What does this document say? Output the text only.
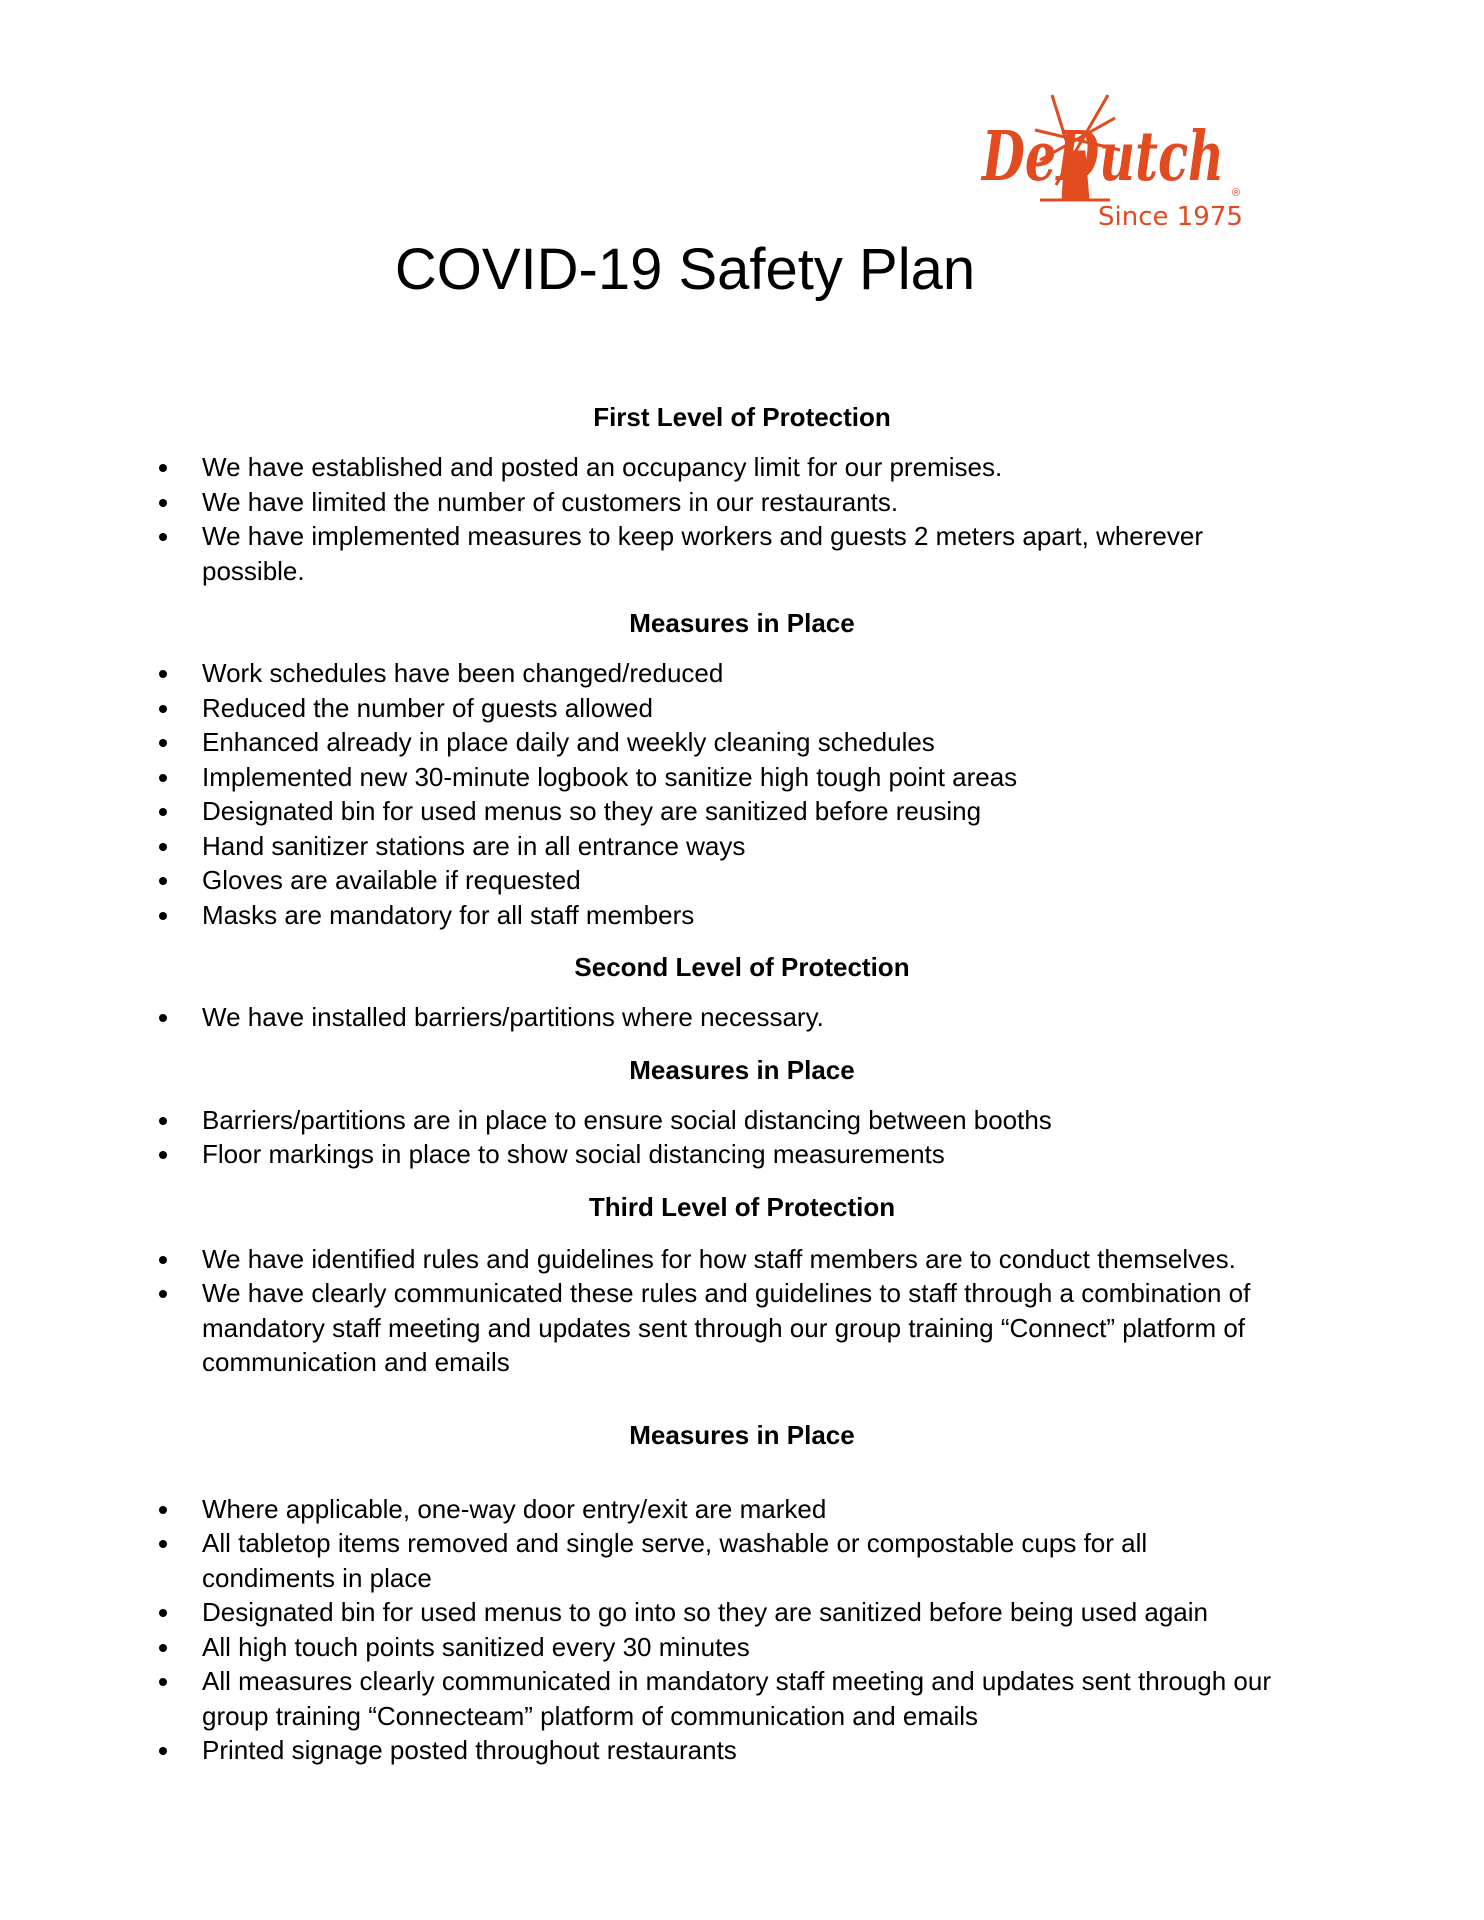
DeDutch ®
Since 1975
COVID-19 Safety Plan
First Level of Protection
We have established and posted an occupancy limit for our premises.
We have limited the number of customers in our restaurants.
We have implemented measures to keep workers and guests 2 meters apart, wherever possible.
Measures in Place
Work schedules have been changed/reduced
Reduced the number of guests allowed
Enhanced already in place daily and weekly cleaning schedules
Implemented new 30-minute logbook to sanitize high tough point areas
Designated bin for used menus so they are sanitized before reusing
Hand sanitizer stations are in all entrance ways
Gloves are available if requested
Masks are mandatory for all staff members
Second Level of Protection
We have installed barriers/partitions where necessary.
Measures in Place
Barriers/partitions are in place to ensure social distancing between booths
Floor markings in place to show social distancing measurements
Third Level of Protection
We have identified rules and guidelines for how staff members are to conduct themselves.
We have clearly communicated these rules and guidelines to staff through a combination of mandatory staff meeting and updates sent through our group training “Connect” platform of communication and emails
Measures in Place
Where applicable, one-way door entry/exit are marked
All tabletop items removed and single serve, washable or compostable cups for all condiments in place
Designated bin for used menus to go into so they are sanitized before being used again
All high touch points sanitized every 30 minutes
All measures clearly communicated in mandatory staff meeting and updates sent through our group training “Connecteam” platform of communication and emails
Printed signage posted throughout restaurants
